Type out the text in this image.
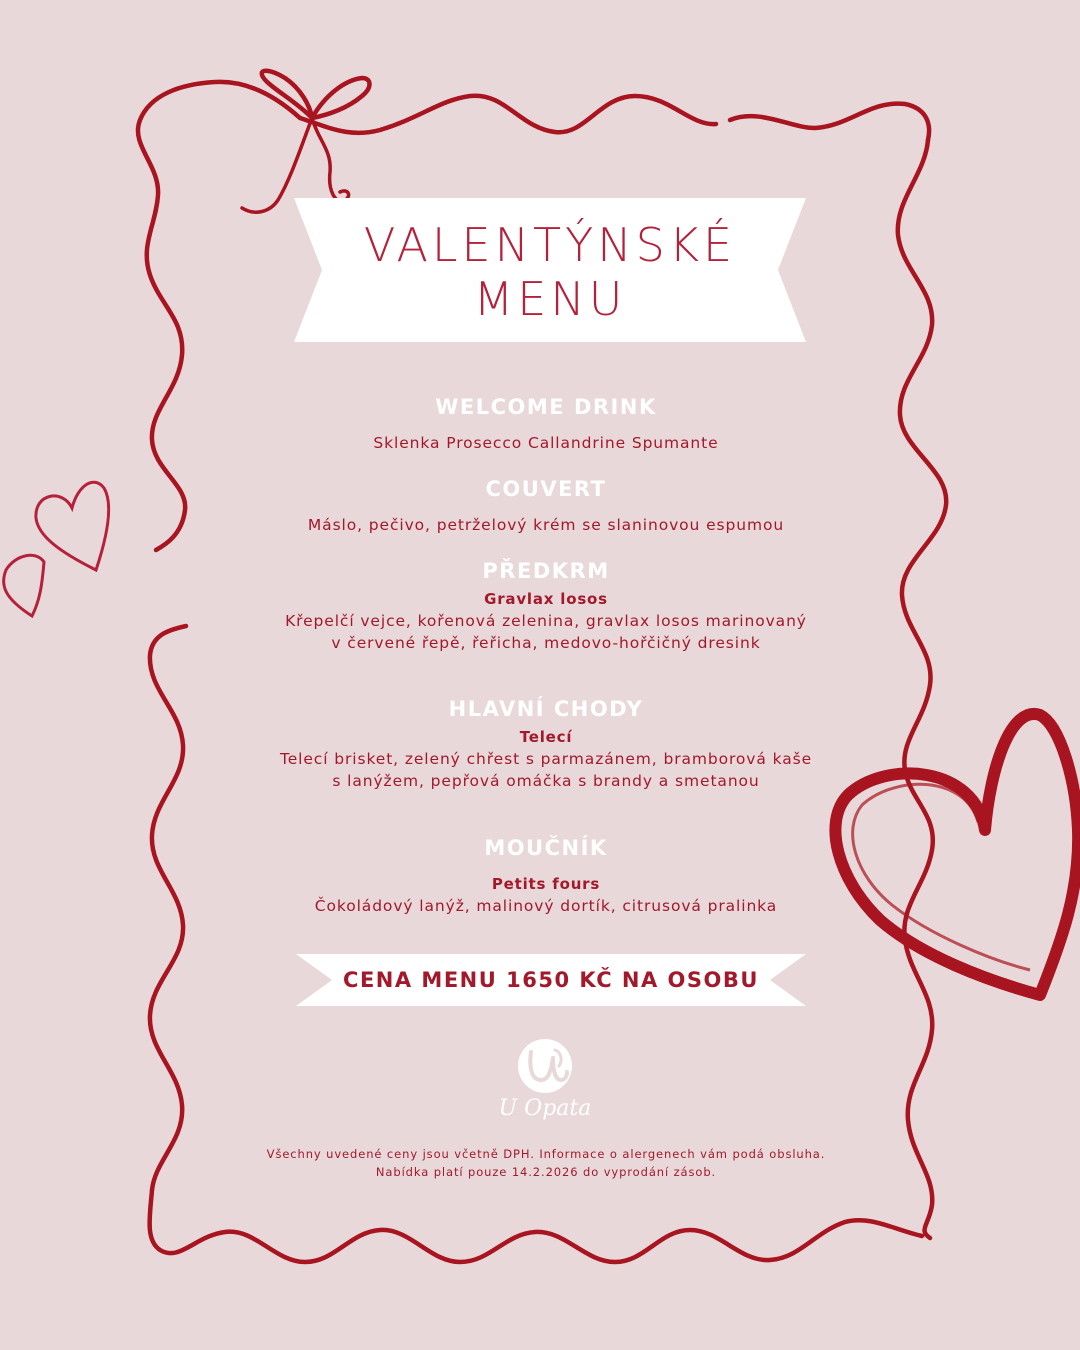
VALENTÝNSKÉ
MENU

WELCOME DRINK

Sklenka Prosecco Callandrine Spumante

COUVERT

Máslo, pečivo, petrželový krém se slaninovou espumou

PŘEDKRM

Gravlax losos

Křepelčí vejce, kořenová zelenina, gravlax losos marinovaný

v červené řepě, řeřicha, medovo-hořčičný dresink

HLAVNÍ CHODY

Telecí

Telecí brisket, zelený chřest s parmazánem, bramborová kaše

s lanýžem, pepřová omáčka s brandy a smetanou

MOUČNÍK

Petits fours

Čokoládový lanýž, malinový dortík, citrusová pralinka

CENA MENU 1650 KČ NA OSOBU
U Opata
Všechny uvedené ceny jsou včetně DPH. Informace o alergenech vám podá obsluha.
Nabídka platí pouze 14.2.2026 do vyprodání zásob.
